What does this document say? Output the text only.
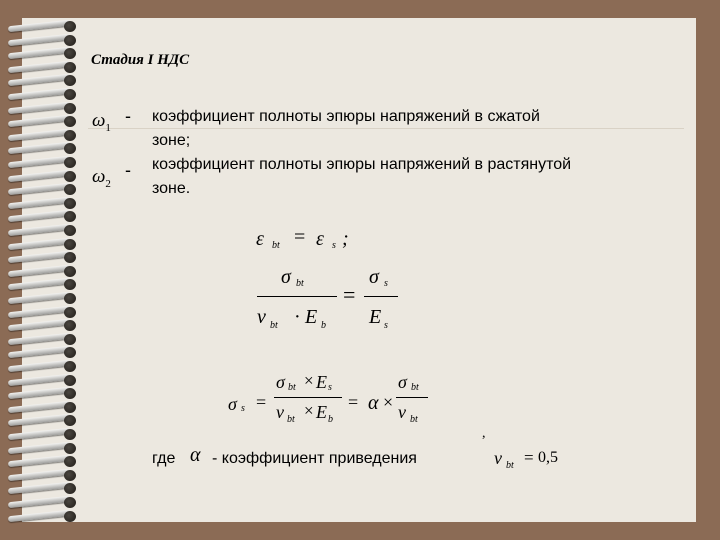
Стадия I НДС
$\omega_1$
- коэффициент полноты эпюры напряжений в сжатой
зоне;
$\omega_2$
- коэффициент полноты эпюры напряжений в растянутой
зоне.
ε bt = ε s ;
σ bt
ν bt · E b
=
σ s
E s
σ s =
σ bt × E s
ν bt × E b
= α ×
σ bt
ν bt
где α - коэффициент приведения
,
ν bt = 0,5
